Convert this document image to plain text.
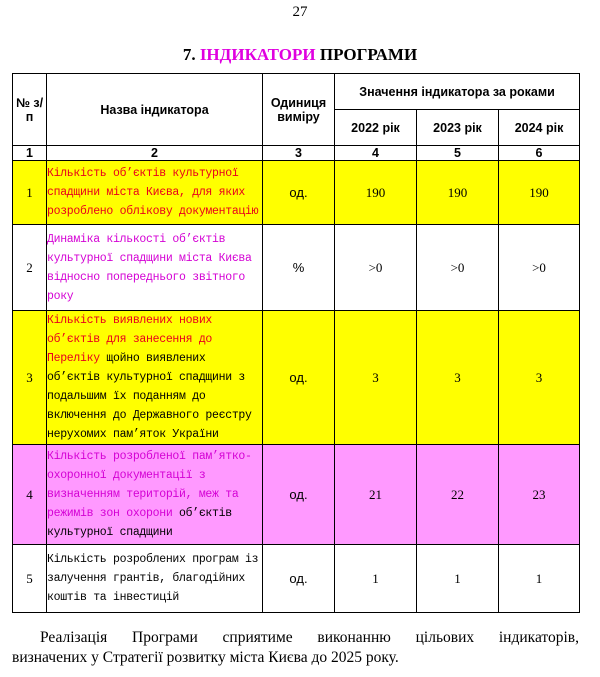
27
7. ІНДИКАТОРИ ПРОГРАМИ
№ з/п	Назва індикатора	Одиниця виміру	Значення індикатора за роками		
			2022 рік	2023 рік	2024 рік
1	2	3	4	5	6
1	Кількість об’єктів культурної спадщини міста Києва, для яких розроблено облікову документацію	од.	190	190	190
2	Динаміка кількості об’єктів культурної спадщини міста Києва відносно попереднього звітного року	%	>0	>0	>0
3	Кількість виявлених нових об’єктів для занесення до Переліку щойно виявлених об’єктів культурної спадщини з подальшим їх поданням до включення до Державного реєстру нерухомих пам’яток України	од.	3	3	3
4	Кількість розробленої пам’ятко-охоронної документації з визначенням територій, меж та режимів зон охорони об’єктів культурної спадщини	од.	21	22	23
5	Кількість розроблених програм із залучення грантів, благодійних коштів та інвестицій	од.	1	1	1

Реалізація Програми сприятиме виконанню цільових індикаторів,

визначених у Стратегії розвитку міста Києва до 2025 року.
